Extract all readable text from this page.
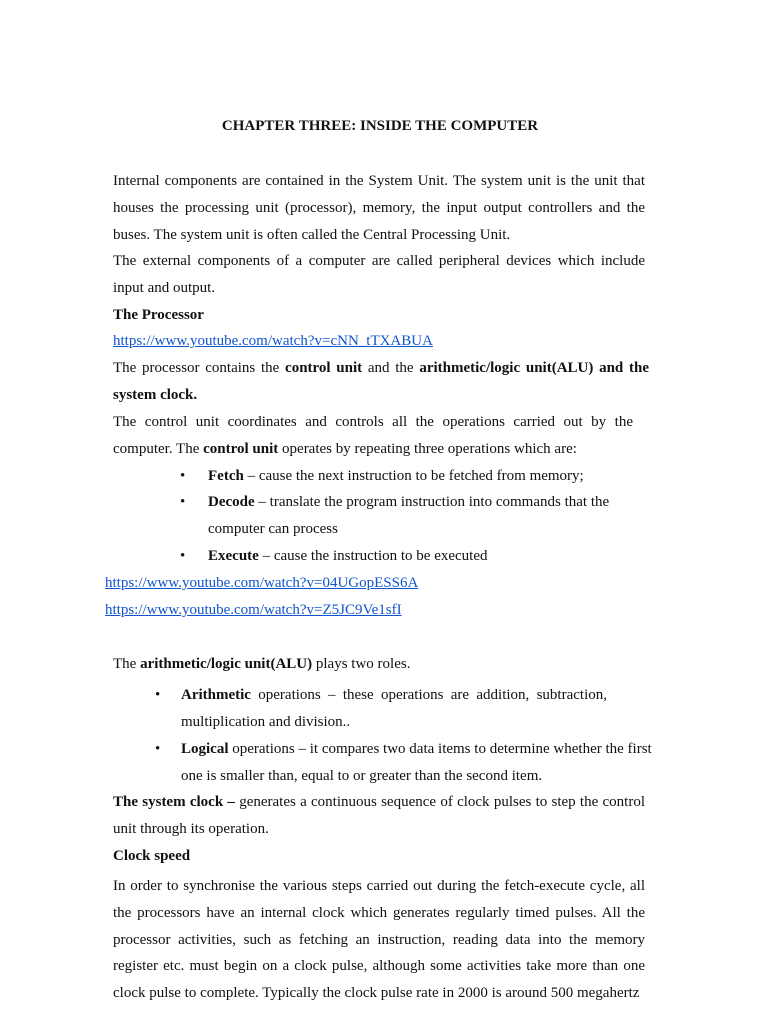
CHAPTER THREE: INSIDE THE COMPUTER

Internal components are contained in the System Unit. The system unit is the unit that houses the processing unit (processor), memory, the input output controllers and the buses. The system unit is often called the Central Processing Unit.

The external components of a computer are called peripheral devices which include input and output.

The Processor

https://www.youtube.com/watch?v=cNN_tTXABUA

The processor contains the control unit and the arithmetic/logic unit(ALU) and the system clock.

The control unit coordinates and controls all the operations carried out by the computer. The control unit operates by repeating three operations which are:

• Fetch – cause the next instruction to be fetched from memory;
• Decode – translate the program instruction into commands that the computer can process
• Execute – cause the instruction to be executed

https://www.youtube.com/watch?v=04UGopESS6A

https://www.youtube.com/watch?v=Z5JC9Ve1sfI

The arithmetic/logic unit(ALU) plays two roles.

• Arithmetic operations – these operations are addition, subtraction, multiplication and division..
• Logical operations – it compares two data items to determine whether the first one is smaller than, equal to or greater than the second item.

The system clock – generates a continuous sequence of clock pulses to step the control unit through its operation.

Clock speed

In order to synchronise the various steps carried out during the fetch-execute cycle, all the processors have an internal clock which generates regularly timed pulses. All the processor activities, such as fetching an instruction, reading data into the memory register etc. must begin on a clock pulse, although some activities take more than one clock pulse to complete. Typically the clock pulse rate in 2000 is around 500 megahertz
